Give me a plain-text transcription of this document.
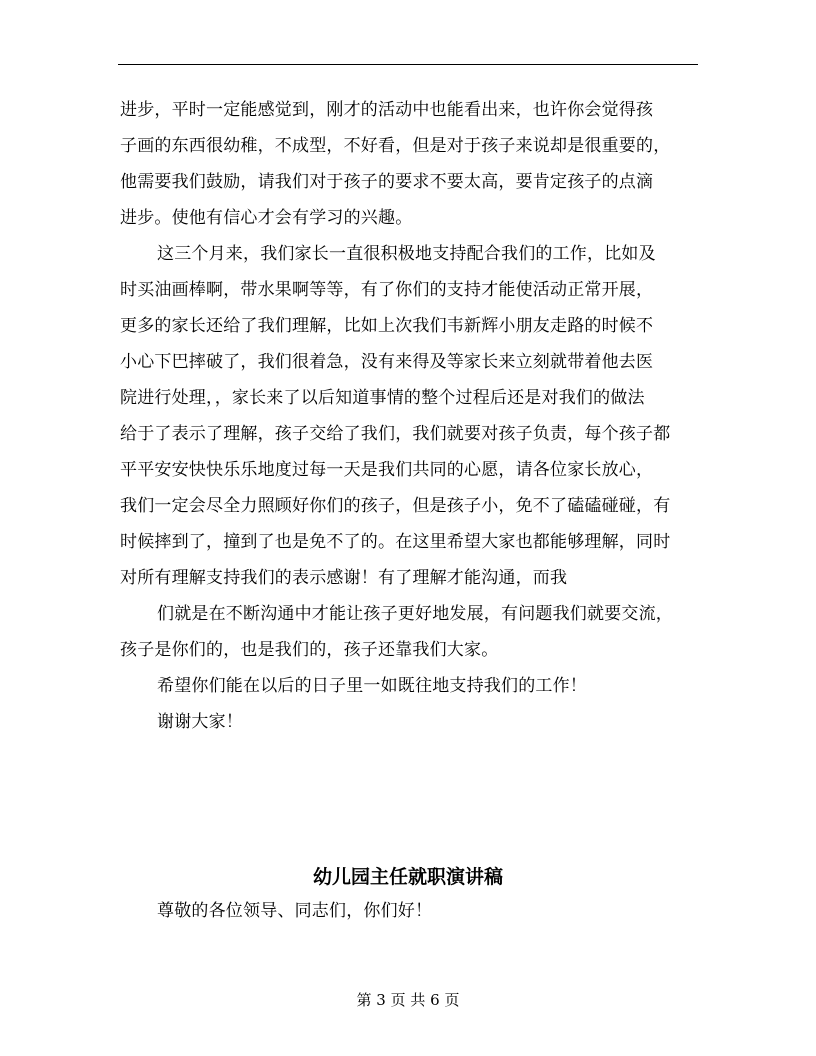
进步，平时一定能感觉到，刚才的活动中也能看出来，也许你会觉得孩
子画的东西很幼稚，不成型，不好看，但是对于孩子来说却是很重要的，
他需要我们鼓励，请我们对于孩子的要求不要太高，要肯定孩子的点滴
进步。使他有信心才会有学习的兴趣。
这三个月来，我们家长一直很积极地支持配合我们的工作，比如及
时买油画棒啊，带水果啊等等，有了你们的支持才能使活动正常开展，
更多的家长还给了我们理解，比如上次我们韦新辉小朋友走路的时候不
小心下巴摔破了，我们很着急，没有来得及等家长来立刻就带着他去医
院进行处理，，家长来了以后知道事情的整个过程后还是对我们的做法
给于了表示了理解，孩子交给了我们，我们就要对孩子负责，每个孩子都
平平安安快快乐乐地度过每一天是我们共同的心愿，请各位家长放心，
我们一定会尽全力照顾好你们的孩子，但是孩子小，免不了磕磕碰碰，有
时候摔到了，撞到了也是免不了的。在这里希望大家也都能够理解，同时
对所有理解支持我们的表示感谢！有了理解才能沟通，而我
们就是在不断沟通中才能让孩子更好地发展，有问题我们就要交流，
孩子是你们的，也是我们的，孩子还靠我们大家。
希望你们能在以后的日子里一如既往地支持我们的工作！
谢谢大家！
幼儿园主任就职演讲稿
尊敬的各位领导、同志们，你们好！
第 3 页 共 6 页
